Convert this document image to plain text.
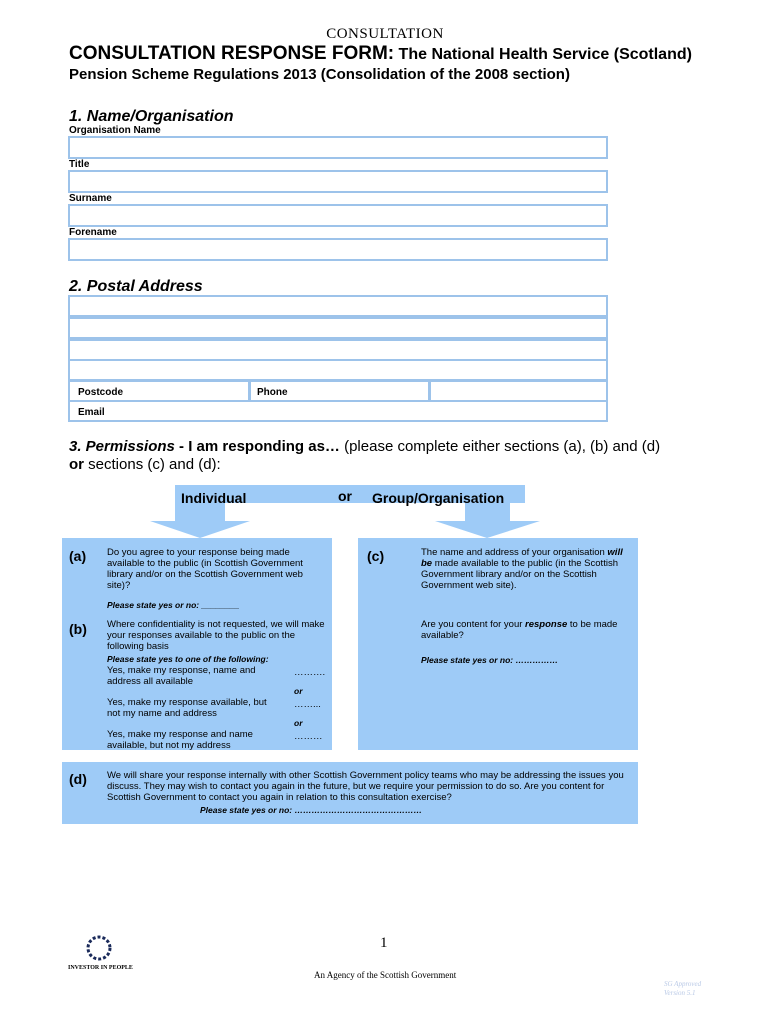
CONSULTATION
CONSULTATION RESPONSE FORM: The National Health Service (Scotland)
Pension Scheme Regulations 2013 (Consolidation of the 2008 section)
1. Name/Organisation
Organisation Name
Title
Surname
Forename
2. Postal Address
Postcode	Phone
Email
3. Permissions - I am responding as… (please complete either sections (a), (b) and (d)
or sections (c) and (d):
Individual	or Group/Organisation
(a) Do you agree to your response being made available to the public (in Scottish Government library and/or on the Scottish Government web site)?
Please state yes or no: ________
(b) Where confidentiality is not requested, we will make your responses available to the public on the following basis
Please state yes to one of the following:
Yes, make my response, name and address all available
……….
or
Yes, make my response available, but not my name and address
……...
or
Yes, make my response and name available, but not my address
………
(c)	The name and address of your organisation will be made available to the public (in the Scottish Government library and/or on the Scottish Government web site).
Are you content for your response to be made available?
Please state yes or no: ……………
(d) We will share your response internally with other Scottish Government policy teams who may be addressing the issues you discuss. They may wish to contact you again in the future, but we require your permission to do so. Are you content for Scottish Government to contact you again in relation to this consultation exercise?
Please state yes or no: ………………………………………
1
INVESTOR IN PEOPLE
An Agency of the Scottish Government
SG Approved
Version 5.1
